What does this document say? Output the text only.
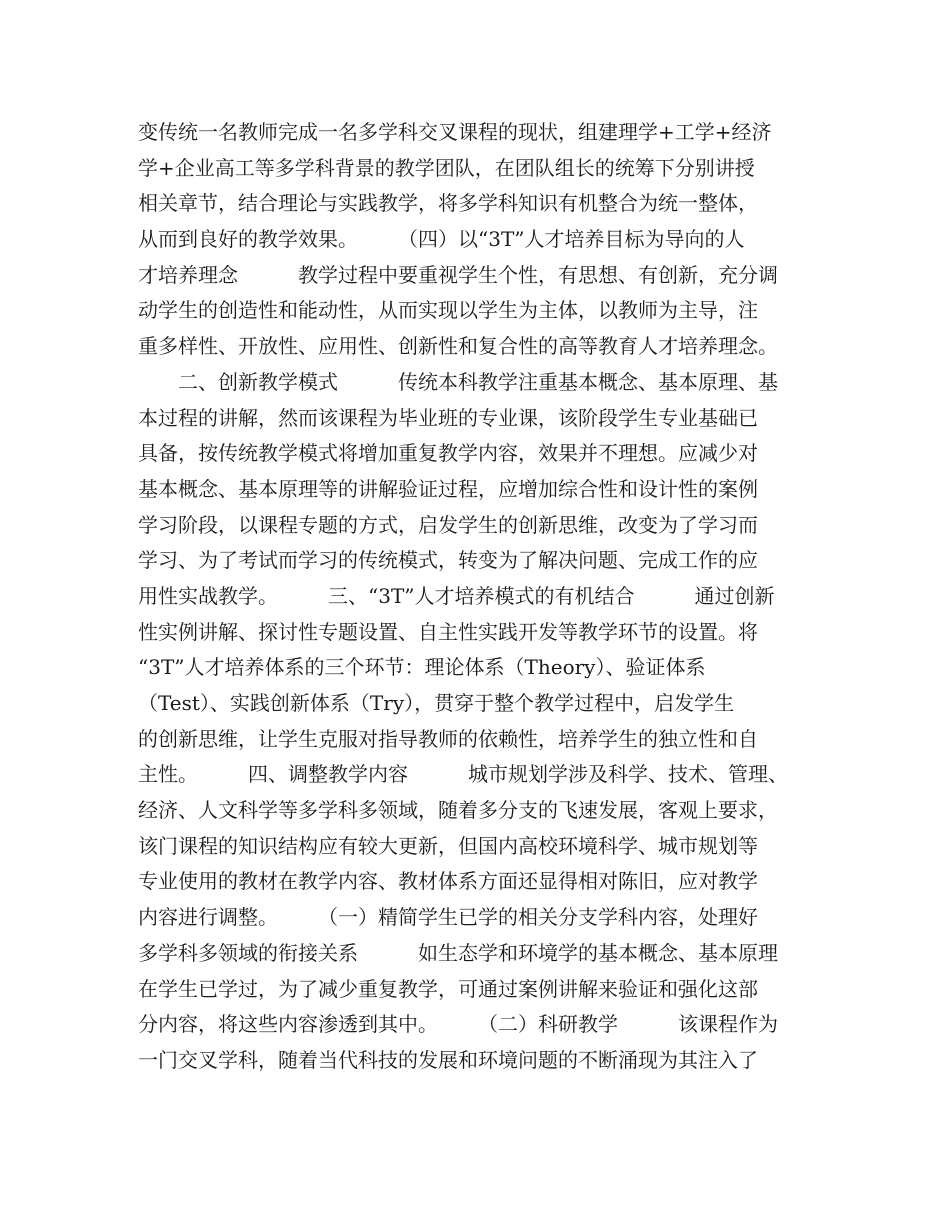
变传统一名教师完成一名多学科交叉课程的现状，组建理学+工学+经济
学+企业高工等多学科背景的教学团队，在团队组长的统筹下分别讲授
相关章节，结合理论与实践教学，将多学科知识有机整合为统一整体，
从而到良好的教学效果。　　　（四）以“3T”人才培养目标为导向的人
才培养理念　　　教学过程中要重视学生个性，有思想、有创新，充分调
动学生的创造性和能动性，从而实现以学生为主体，以教师为主导，注
重多样性、开放性、应用性、创新性和复合性的高等教育人才培养理念。
　　二、创新教学模式　　　传统本科教学注重基本概念、基本原理、基
本过程的讲解，然而该课程为毕业班的专业课，该阶段学生专业基础已
具备，按传统教学模式将增加重复教学内容，效果并不理想。应减少对
基本概念、基本原理等的讲解验证过程，应增加综合性和设计性的案例
学习阶段，以课程专题的方式，启发学生的创新思维，改变为了学习而
学习、为了考试而学习的传统模式，转变为了解决问题、完成工作的应
用性实战教学。　　　三、“3T”人才培养模式的有机结合　　　通过创新
性实例讲解、探讨性专题设置、自主性实践开发等教学环节的设置。将
“3T”人才培养体系的三个环节：理论体系（Theory）、验证体系
（Test）、实践创新体系（Try），贯穿于整个教学过程中，启发学生
的创新思维，让学生克服对指导教师的依赖性，培养学生的独立性和自
主性。　　　四、调整教学内容　　　城市规划学涉及科学、技术、管理、
经济、人文科学等多学科多领域，随着多分支的飞速发展，客观上要求，
该门课程的知识结构应有较大更新，但国内高校环境科学、城市规划等
专业使用的教材在教学内容、教材体系方面还显得相对陈旧，应对教学
内容进行调整。　　　（一）精简学生已学的相关分支学科内容，处理好
多学科多领域的衔接关系　　　如生态学和环境学的基本概念、基本原理
在学生已学过，为了减少重复教学，可通过案例讲解来验证和强化这部
分内容，将这些内容渗透到其中。　　　（二）科研教学　　　该课程作为
一门交叉学科，随着当代科技的发展和环境问题的不断涌现为其注入了
